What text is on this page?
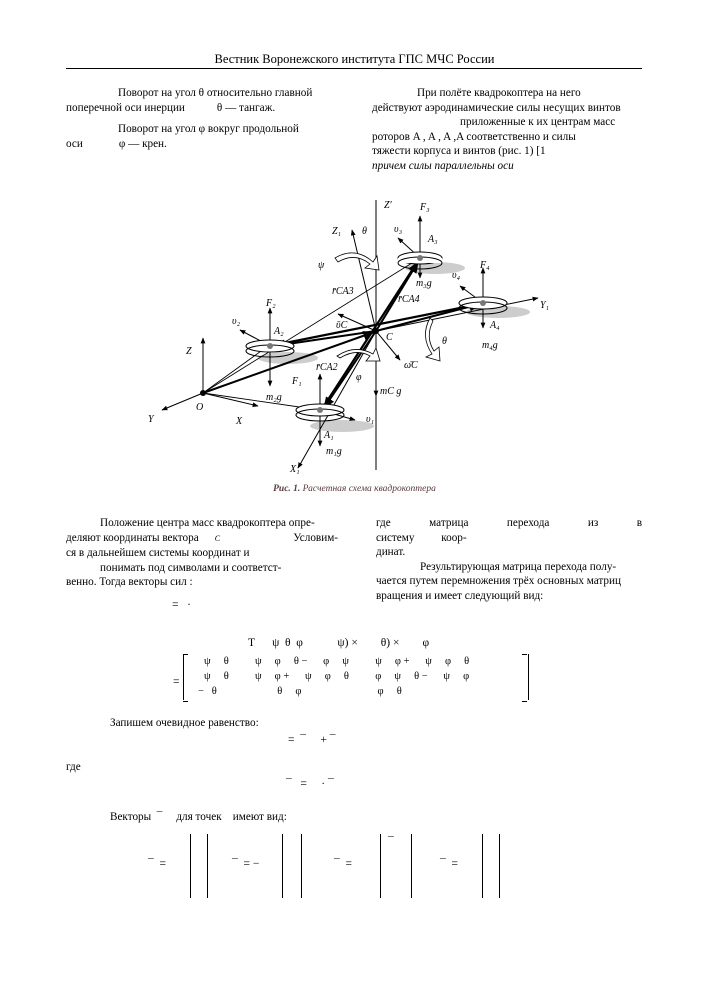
Вестник Воронежского института ГПС МЧС России
Поворот на угол θ относительно главной
поперечной оси инерции	θ — тангаж.
Поворот на угол φ вокруг продольной
оси	φ — крен.
При полёте квадрокоптера на него
действуют аэродинамические силы несущих винтов
приложенные к их центрам масс
роторов A , A , A ,A соответственно и силы
тяжести корпуса и винтов (рис. 1) [1
причем силы параллельны оси
Z′
Z₁ θ
ψ
F₃
υ₃
A₃
υ₄
F₄
m₃g
Y₁
A₄
m₄g
F₂
υ₂
A₂
r̄CA3
r̄CA4
ῡC
C	θ
Z
r̄CA2
F₁	φ
ω̄C
mC g
m₂g
O
Y	X	υ₁
A₁
m₁g
X₁
Рис. 1. Расчетная схема квадрокоптера
Положение центра масс квадрокоптера опре-
деляют координаты вектора C	Условим-
ся в дальнейшем системы координат и
понимать под символами и соответст-
венно. Тогда векторы сил :
=   ·
где матрица перехода из в систему коор-
динат.
Результирующая матрица перехода полу-
чается путем перемножения трёх основных матриц
вращения и имеет следующий вид:
T      ψ  θ  φ            ψ) ×        θ) ×        φ
=
ψ     θ          ψ     φ     θ −      φ     ψ          ψ     φ +      ψ     φ     θ
ψ     θ          ψ     φ +      ψ     φ     θ          φ     ψ     θ −      ψ     φ
−   θ                       θ     φ                             φ     θ
Запишем очевидное равенство:
=  ¯     + ¯
где
¯   =     · ¯
Векторы  ¯     для точек    имеют вид:
¯  =	¯  = −	¯  =
¯
¯  =
